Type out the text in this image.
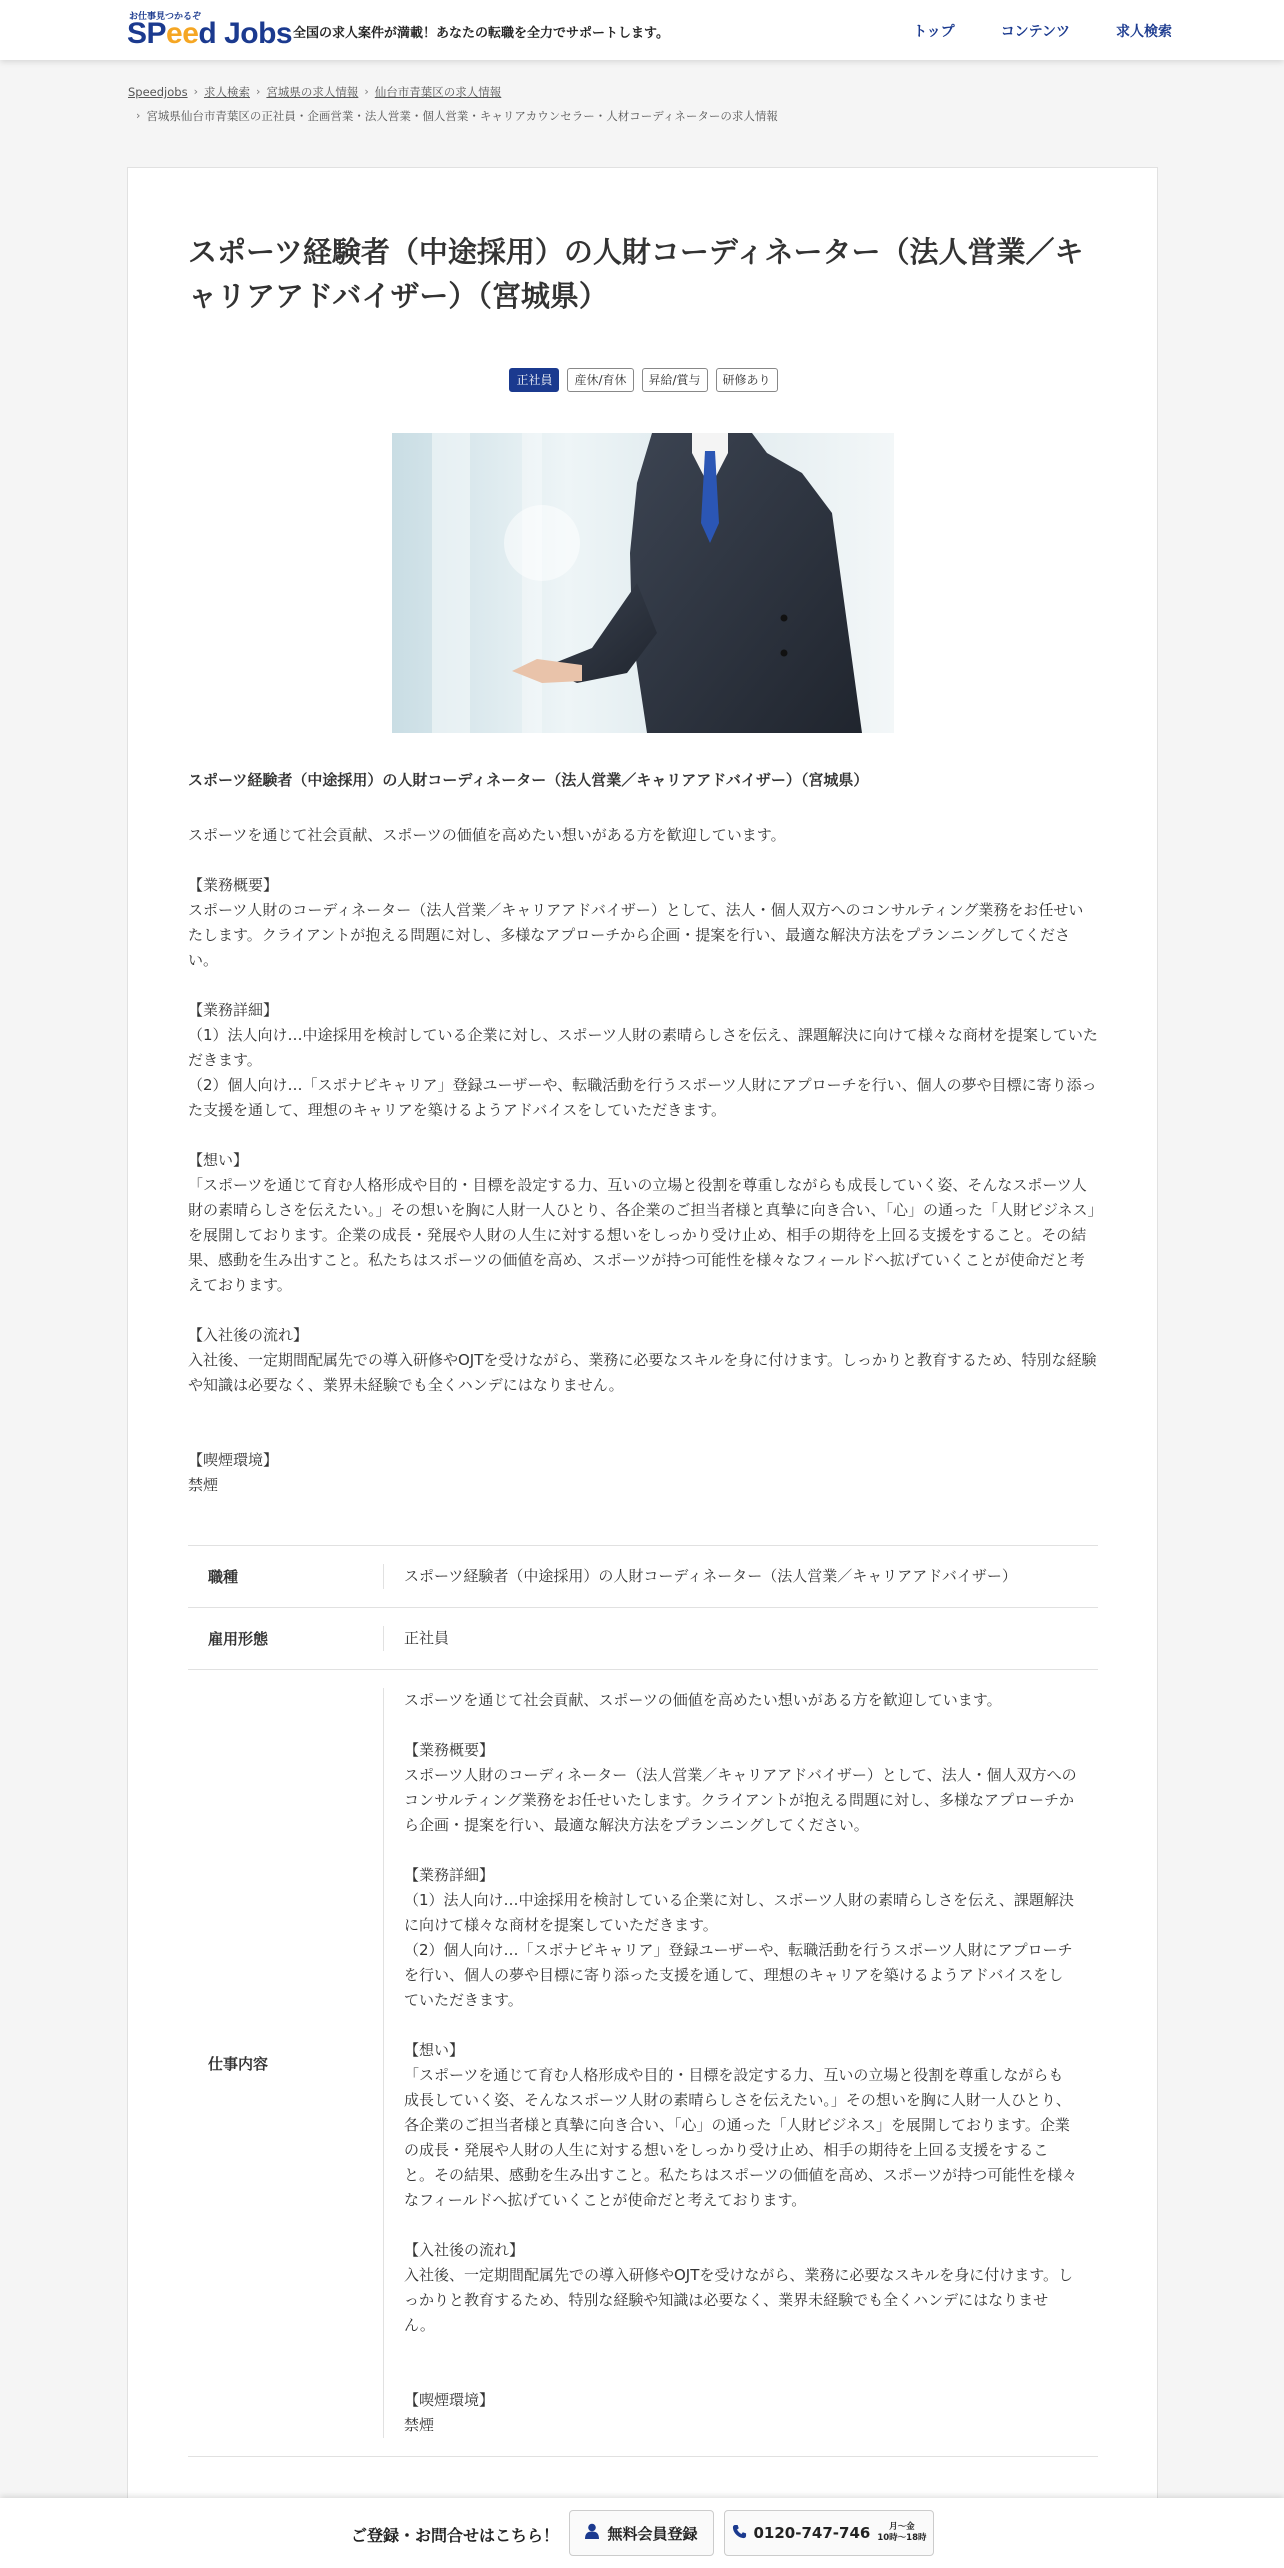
お仕事見つかるぞ
SPeed Jobs 全国の求人案件が満載！あなたの転職を全力でサポートします。	トップ	コンテンツ	求人検索
Speedjobs › 求人検索 › 宮城県の求人情報 › 仙台市青葉区の求人情報
› 宮城県仙台市青葉区の正社員・企画営業・法人営業・個人営業・キャリアカウンセラー・人材コーディネーターの求人情報
スポーツ経験者（中途採用）の人財コーディネーター（法人営業／キャリアアドバイザー）（宮城県）
正社員	産休/育休	昇給/賞与	研修あり
スポーツ経験者（中途採用）の人財コーディネーター（法人営業／キャリアアドバイザー）（宮城県）

スポーツを通じて社会貢献、スポーツの価値を高めたい想いがある方を歓迎しています。

【業務概要】
スポーツ人財のコーディネーター（法人営業／キャリアアドバイザー）として、法人・個人双方へのコンサルティング業務をお任せいたします。クライアントが抱える問題に対し、多様なアプローチから企画・提案を行い、最適な解決方法をプランニングしてください。

【業務詳細】
（1）法人向け…中途採用を検討している企業に対し、スポーツ人財の素晴らしさを伝え、課題解決に向けて様々な商材を提案していただきます。
（2）個人向け…「スポナビキャリア」登録ユーザーや、転職活動を行うスポーツ人財にアプローチを行い、個人の夢や目標に寄り添った支援を通して、理想のキャリアを築けるようアドバイスをしていただきます。

【想い】
「スポーツを通じて育む人格形成や目的・目標を設定する力、互いの立場と役割を尊重しながらも成長していく姿、そんなスポーツ人財の素晴らしさを伝えたい。」その想いを胸に人財一人ひとり、各企業のご担当者様と真摯に向き合い、「心」の通った「人財ビジネス」を展開しております。企業の成長・発展や人財の人生に対する想いをしっかり受け止め、相手の期待を上回る支援をすること。その結果、感動を生み出すこと。私たちはスポーツの価値を高め、スポーツが持つ可能性を様々なフィールドへ拡げていくことが使命だと考えております。

【入社後の流れ】
入社後、一定期間配属先での導入研修やOJTを受けながら、業務に必要なスキルを身に付けます。しっかりと教育するため、特別な経験や知識は必要なく、業界未経験でも全くハンデにはなりません。

【喫煙環境】
禁煙

職種	スポーツ経験者（中途採用）の人財コーディネーター（法人営業／キャリアアドバイザー）
雇用形態	正社員
仕事内容
スポーツを通じて社会貢献、スポーツの価値を高めたい想いがある方を歓迎しています。

【業務概要】
スポーツ人財のコーディネーター（法人営業／キャリアアドバイザー）として、法人・個人双方へのコンサルティング業務をお任せいたします。クライアントが抱える問題に対し、多様なアプローチから企画・提案を行い、最適な解決方法をプランニングしてください。

【業務詳細】
（1）法人向け…中途採用を検討している企業に対し、スポーツ人財の素晴らしさを伝え、課題解決に向けて様々な商材を提案していただきます。
（2）個人向け…「スポナビキャリア」登録ユーザーや、転職活動を行うスポーツ人財にアプローチを行い、個人の夢や目標に寄り添った支援を通して、理想のキャリアを築けるようアドバイスをしていただきます。

【想い】
「スポーツを通じて育む人格形成や目的・目標を設定する力、互いの立場と役割を尊重しながらも成長していく姿、そんなスポーツ人財の素晴らしさを伝えたい。」その想いを胸に人財一人ひとり、各企業のご担当者様と真摯に向き合い、「心」の通った「人財ビジネス」を展開しております。企業の成長・発展や人財の人生に対する想いをしっかり受け止め、相手の期待を上回る支援をすること。その結果、感動を生み出すこと。私たちはスポーツの価値を高め、スポーツが持つ可能性を様々なフィールドへ拡げていくことが使命だと考えております。

【入社後の流れ】
入社後、一定期間配属先での導入研修やOJTを受けながら、業務に必要なスキルを身に付けます。しっかりと教育するため、特別な経験や知識は必要なく、業界未経験でも全くハンデにはなりません。

【喫煙環境】
禁煙
ご登録・お問合せはこちら！	無料会員登録	0120-747-746	月～金
10時～18時
